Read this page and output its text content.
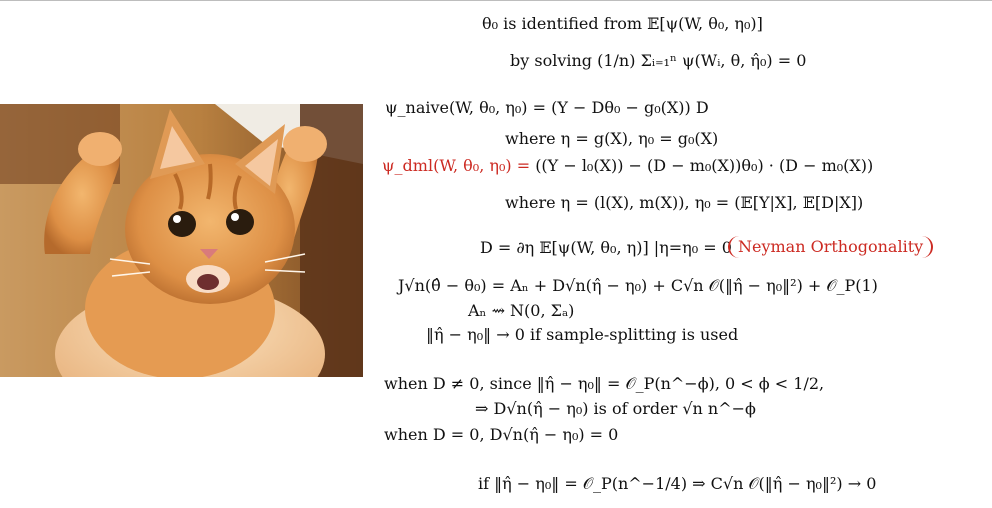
θ₀ is identified from 𝔼[ψ(W, θ₀, η₀)]
by solving (1/n) Σᵢ₌₁ⁿ ψ(Wᵢ, θ, η̂₀) = 0
ψ_naive(W, θ₀, η₀) = (Y − Dθ₀ − g₀(X)) D
where η = g(X), η₀ = g₀(X)
ψ_dml(W, θ₀, η₀) = ((Y − l₀(X)) − (D − m₀(X))θ₀) · (D − m₀(X))
where η = (l(X), m(X)), η₀ = (𝔼[Y|X], 𝔼[D|X])
D = ∂η 𝔼[ψ(W, θ₀, η)] |η=η₀ = 0 Neyman Orthogonality
J√n(θ̂ − θ₀) = Aₙ + D√n(η̂ − η₀) + C√n 𝒪(‖η̂ − η₀‖²) + 𝒪_P(1)
Aₙ ⇝ N(0, Σₐ)
‖η̂ − η₀‖ → 0 if sample-splitting is used
when D ≠ 0, since ‖η̂ − η₀‖ = 𝒪_P(n^−ϕ), 0 < ϕ < 1/2,
⇒ D√n(η̂ − η₀) is of order √n n^−ϕ
when D = 0, D√n(η̂ − η₀) = 0
if ‖η̂ − η₀‖ = 𝒪_P(n^−1/4) ⇒ C√n 𝒪(‖η̂ − η₀‖²) → 0
